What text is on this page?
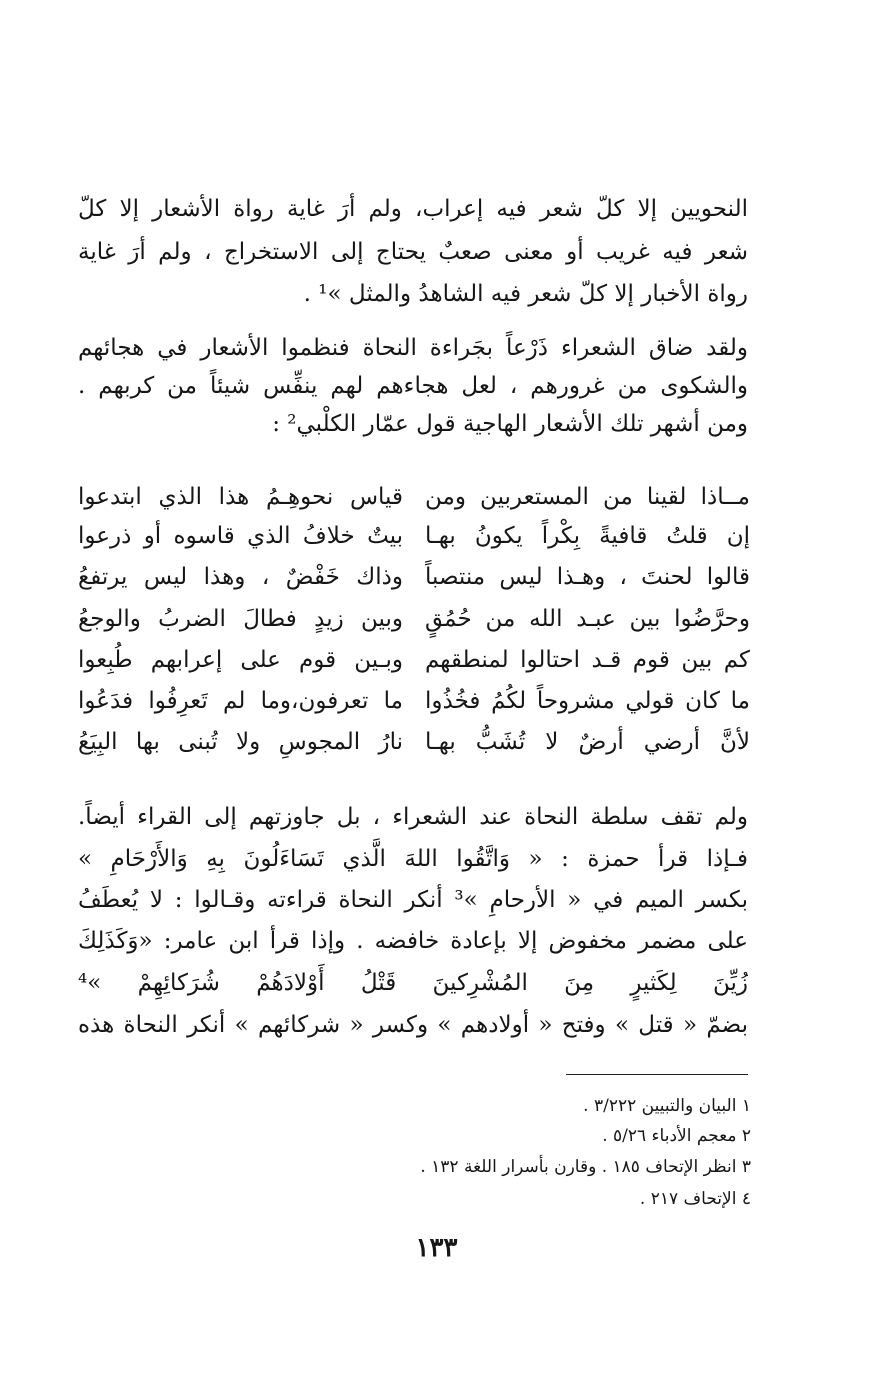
النحويين إلا كلّ شعر فيه إعراب، ولم أرَ غاية رواة الأشعار إلا كلّ
شعر فيه غريب أو معنى صعبٌ يحتاج إلى الاستخراج ، ولم أرَ غاية
رواة الأخبار إلا كلّ شعر فيه الشاهدُ والمثل »¹ .
ولقد ضاق الشعراء ذَرْعاً بجَراءة النحاة فنظموا الأشعار في هجائهم
والشكوى من غرورهم ، لعل هجاءهم لهم ينفِّس شيئاً من كربهم .
ومن أشهر تلك الأشعار الهاجية قول عمّار الكلْبي² :
مــاذا لقينا من المستعربين ومن
قياس نحوهِـمُ هذا الذي ابتدعوا
إن قلتُ قافيةً بِكْراً يكونُ بهـا
بيتٌ خلافُ الذي قاسوه أو ذرعوا
قالوا لحنتَ ، وهـذا ليس منتصباً
وذاك خَفْضٌ ، وهذا ليس يرتفعُ
وحرَّضُوا بين عبـد الله من حُمُقٍ
وبين زيدٍ فطالَ الضربُ والوجعُ
كم بين قوم قـد احتالوا لمنطقهم
وبـين قوم على إعرابهم طُبِعوا
ما كان قولي مشروحاً لكُمُ فخُذُوا
ما تعرفون،وما لم تَعرِفُوا فدَعُوا
لأنَّ أرضي أرضٌ لا تُشَبُّ بهـا
نارُ المجوسِ ولا تُبنى بها البِيَعُ
ولم تقف سلطة النحاة عند الشعراء ، بل جاوزتهم إلى القراء أيضاً.
فـإذا قرأ حمزة : « وَاتَّقُوا اللهَ الَّذي تَسَاءَلُونَ بِهِ وَالأَرْحَامِ »
بكسر الميم في « الأرحامِ »³ أنكر النحاة قراءته وقـالوا : لا يُعطَفُ
على مضمر مخفوض إلا بإعادة خافضه . وإذا قرأ ابن عامر: «وَكَذَلِكَ
زُيِّنَ لِكَثيرٍ مِنَ المُشْرِكينَ قَتْلُ أَوْلادَهُمْ شُرَكائِهِمْ »⁴
بضمّ « قتل » وفتح « أولادهم » وكسر « شركائهم » أنكر النحاة هذه
١ البيان والتبيين ٣/٢٢٢ .
٢ معجم الأدباء ٥/٢٦ .
٣ انظر الإتحاف ١٨٥ . وقارن بأسرار اللغة ١٣٢ .
٤ الإتحاف ٢١٧ .
١٣٣
